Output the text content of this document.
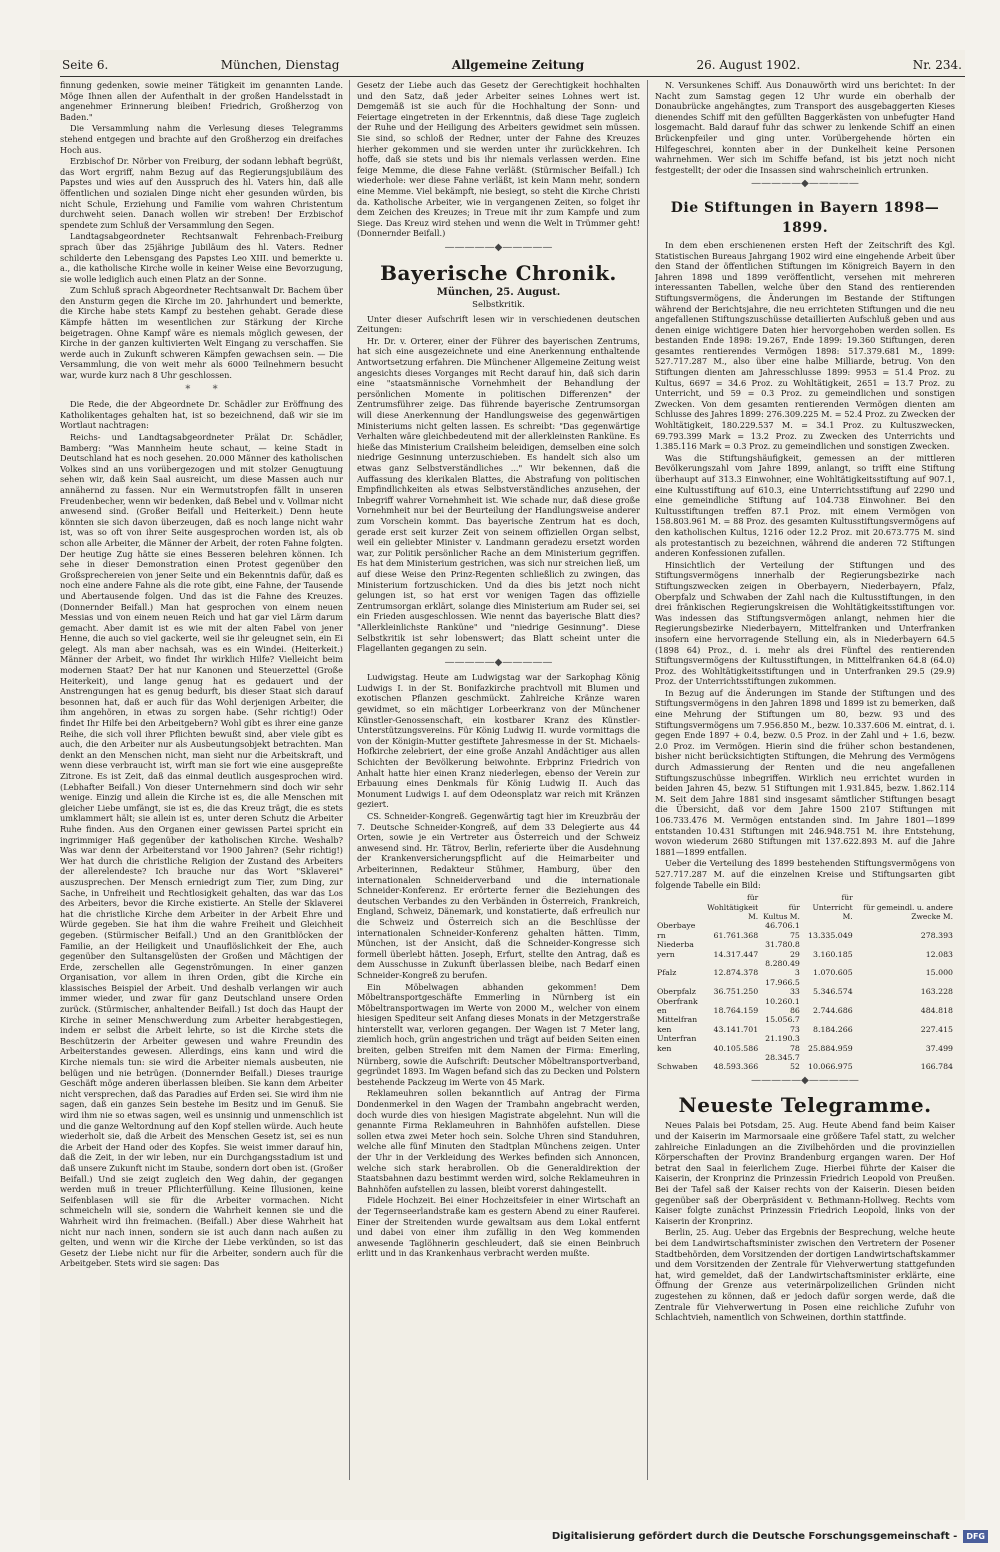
Seite 6.	München, Dienstag	Allgemeine Zeitung	26. August 1902.	Nr. 234.

finnung gedenken, sowie meiner Tätigkeit im genannten Lande. Möge Ihnen allen der Aufenthalt in der großen Handelsstadt in angenehmer Erinnerung bleiben! Friedrich, Großherzog von Baden."

Die Versammlung nahm die Verlesung dieses Telegramms stehend entgegen und brachte auf den Großherzog ein dreifaches Hoch aus.

Erzbischof Dr. Nörber von Freiburg, der sodann lebhaft begrüßt, das Wort ergriff, nahm Bezug auf das Regierungsjubiläum des Papstes und wies auf den Ausspruch des hl. Vaters hin, daß alle öffentlichen und sozialen Dinge nicht eher gesunden würden, bis nicht Schule, Erziehung und Familie vom wahren Christentum durchweht seien. Danach wollen wir streben! Der Erzbischof spendete zum Schluß der Versammlung den Segen.

Landtagsabgeordneter Rechtsanwalt Fehrenbach-Freiburg sprach über das 25jährige Jubiläum des hl. Vaters. Redner schilderte den Lebensgang des Papstes Leo XIII. und bemerkte u. a., die katholische Kirche wolle in keiner Weise eine Bevorzugung, sie wolle lediglich auch einen Platz an der Sonne.

Zum Schluß sprach Abgeordneter Rechtsanwalt Dr. Bachem über den Ansturm gegen die Kirche im 20. Jahrhundert und bemerkte, die Kirche habe stets Kampf zu bestehen gehabt. Gerade diese Kämpfe hätten im wesentlichen zur Stärkung der Kirche beigetragen. Ohne Kampf wäre es niemals möglich gewesen, der Kirche in der ganzen kultivierten Welt Eingang zu verschaffen. Sie werde auch in Zukunft schweren Kämpfen gewachsen sein. — Die Versammlung, die von weit mehr als 6000 Teilnehmern besucht war, wurde kurz nach 8 Uhr geschlossen.

*       *

Die Rede, die der Abgeordnete Dr. Schädler zur Eröffnung des Katholikentages gehalten hat, ist so bezeichnend, daß wir sie im Wortlaut nachtragen:

Reichs- und Landtagsabgeordneter Prälat Dr. Schädler, Bamberg: "Was Mannheim heute schaut, — keine Stadt in Deutschland hat es noch gesehen. 20.000 Männer des katholischen Volkes sind an uns vorübergezogen und mit stolzer Genugtuung sehen wir, daß kein Saal ausreicht, um diese Massen auch nur annähernd zu fassen. Nur ein Wermutstropfen fällt in unseren Freudenbecher, wenn wir bedenken, daß Bebel und v. Vollmar nicht anwesend sind. (Großer Beifall und Heiterkeit.) Denn heute könnten sie sich davon überzeugen, daß es noch lange nicht wahr ist, was so oft von ihrer Seite ausgesprochen worden ist, als ob schon alle Arbeiter, die Männer der Arbeit, der roten Fahne folgten. Der heutige Zug hätte sie eines Besseren belehren können. Ich sehe in dieser Demonstration einen Protest gegenüber den Großsprechereien von jener Seite und ein Bekenntnis dafür, daß es noch eine andere Fahne als die rote gibt, eine Fahne, der Tausende und Abertausende folgen. Und das ist die Fahne des Kreuzes. (Donnernder Beifall.) Man hat gesprochen von einem neuen Messias und von einem neuen Reich und hat gar viel Lärm darum gemacht. Aber damit ist es wie mit der alten Fabel von jener Henne, die auch so viel gackerte, weil sie ihr geleugnet sein, ein Ei gelegt. Als man aber nachsah, was es ein Windei. (Heiterkeit.) Männer der Arbeit, wo findet Ihr wirklich Hilfe? Vielleicht beim modernen Staat? Der hat nur Kanonen und Steuerzettel (Große Heiterkeit), und lange genug hat es gedauert und der Anstrengungen hat es genug bedurft, bis dieser Staat sich darauf besonnen hat, daß er auch für das Wohl derjenigen Arbeiter, die ihm angehören, in etwas zu sorgen habe. (Sehr richtig!) Oder findet Ihr Hilfe bei den Arbeitgebern? Wohl gibt es ihrer eine ganze Reihe, die sich voll ihrer Pflichten bewußt sind, aber viele gibt es auch, die den Arbeiter nur als Ausbeutungsobjekt betrachten. Man denkt an den Menschen nicht, man sieht nur die Arbeitskraft, und wenn diese verbraucht ist, wirft man sie fort wie eine ausgepreßte Zitrone. Es ist Zeit, daß das einmal deutlich ausgesprochen wird. (Lebhafter Beifall.) Von dieser Unternehmern sind doch wir sehr wenige. Einzig und allein die Kirche ist es, die alle Menschen mit gleicher Liebe umfängt, sie ist es, die das Kreuz trägt, die es stets umklammert hält; sie allein ist es, unter deren Schutz die Arbeiter Ruhe finden. Aus den Organen einer gewissen Partei spricht ein ingrimmiger Haß gegenüber der katholischen Kirche. Weshalb? Was war denn der Arbeiterstand vor 1900 Jahren? (Sehr richtig!) Wer hat durch die christliche Religion der Zustand des Arbeiters der allerelendeste? Ich brauche nur das Wort "Sklaverei" auszusprechen. Der Mensch erniedrigt zum Tier, zum Ding, zur Sache, in Unfreiheit und Rechtlosigkeit gehalten, das war das Los des Arbeiters, bevor die Kirche existierte. An Stelle der Sklaverei hat die christliche Kirche dem Arbeiter in der Arbeit Ehre und Würde gegeben. Sie hat ihm die wahre Freiheit und Gleichheit gegeben. (Stürmischer Beifall.) Und an den Granitblöcken der Familie, an der Heiligkeit und Unauflöslichkeit der Ehe, auch gegenüber den Sultansgelüsten der Großen und Mächtigen der Erde, zerschellen alle Gegenströmungen. In einer ganzen Organisation, vor allem in ihren Orden, gibt die Kirche ein klassisches Beispiel der Arbeit. Und deshalb verlangen wir auch immer wieder, und zwar für ganz Deutschland unsere Orden zurück. (Stürmischer, anhaltender Beifall.) Ist doch das Haupt der Kirche in seiner Menschwerdung zum Arbeiter herabgestiegen, indem er selbst die Arbeit lehrte, so ist die Kirche stets die Beschützerin der Arbeiter gewesen und wahre Freundin des Arbeiterstandes gewesen. Allerdings, eins kann und wird die Kirche niemals tun: sie wird die Arbeiter niemals ausbeuten, nie belügen und nie betrügen. (Donnernder Beifall.) Dieses traurige Geschäft möge anderen überlassen bleiben. Sie kann dem Arbeiter nicht versprechen, daß das Paradies auf Erden sei. Sie wird ihm nie sagen, daß ein ganzes Sein bestehe im Besitz und im Genuß. Sie wird ihm nie so etwas sagen, weil es unsinnig und unmenschlich ist und die ganze Weltordnung auf den Kopf stellen würde. Auch heute wiederholt sie, daß die Arbeit des Menschen Gesetz ist, sei es nun die Arbeit der Hand oder des Kopfes. Sie weist immer darauf hin, daß die Zeit, in der wir leben, nur ein Durchgangsstadium ist und daß unsere Zukunft nicht im Staube, sondern dort oben ist. (Großer Beifall.) Und sie zeigt zugleich den Weg dahin, der gegangen werden muß in treuer Pflichterfüllung. Keine Illusionen, keine Seifenblasen will sie für die Arbeiter vormachen. Nicht schmeicheln will sie, sondern die Wahrheit kennen sie und die Wahrheit wird ihn freimachen. (Beifall.) Aber diese Wahrheit hat nicht nur nach innen, sondern sie ist auch dann nach außen zu gelten, und wenn wir die Kirche der Liebe verkünden, so ist das Gesetz der Liebe nicht nur für die Arbeiter, sondern auch für die Arbeitgeber. Stets wird sie sagen: Das

Gesetz der Liebe auch das Gesetz der Gerechtigkeit hochhalten und den Satz, daß jeder Arbeiter seines Lohnes wert ist. Demgemäß ist sie auch für die Hochhaltung der Sonn- und Feiertage eingetreten in der Erkenntnis, daß diese Tage zugleich der Ruhe und der Heiligung des Arbeiters gewidmet sein müssen. Sie sind, so schloß der Redner, unter der Fahne des Kreuzes hierher gekommen und sie werden unter ihr zurückkehren. Ich hoffe, daß sie stets und bis ihr niemals verlassen werden. Eine feige Memme, die diese Fahne verläßt. (Stürmischer Beifall.) Ich wiederhole: wer diese Fahne verläßt, ist kein Mann mehr, sondern eine Memme. Viel bekämpft, nie besiegt, so steht die Kirche Christi da. Katholische Arbeiter, wie in vergangenen Zeiten, so folget ihr dem Zeichen des Kreuzes; in Treue mit ihr zum Kampfe und zum Siege. Das Kreuz wird stehen und wenn die Welt in Trümmer geht! (Donnernder Beifall.)

—————◆—————
Bayerische Chronik.
München, 25. August.
Selbstkritik.

Unter dieser Aufschrift lesen wir in verschiedenen deutschen Zeitungen:

Hr. Dr. v. Orterer, einer der Führer des bayerischen Zentrums, hat sich eine ausgezeichnete und eine Anerkennung enthaltende Antwortsetzung erfahren. Die Münchener Allgemeine Zeitung weist angesichts dieses Vorganges mit Recht darauf hin, daß sich darin eine "staatsmännische Vornehmheit der Behandlung der persönlichen Momente in politischen Differenzen" der Zentrumsführer zeige. Das führende bayerische Zentrumsorgan will diese Anerkennung der Handlungsweise des gegenwärtigen Ministeriums nicht gelten lassen. Es schreibt: "Das gegenwärtige Verhalten wäre gleichbedeutend mit der allerkleinsten Ranküne. Es hieße das Ministerium Crailsheim beleidigen, demselben eine solch niedrige Gesinnung unterzuschieben. Es handelt sich also um etwas ganz Selbstverständliches ..." Wir bekennen, daß die Auffassung des klerikalen Blattes, die Abstrafung von politischen Empfindlichkeiten als etwas Selbstverständliches anzusehen, der Inbegriff wahrer Vornehmheit ist. Wie schade nur, daß diese große Vornehmheit nur bei der Beurteilung der Handlungsweise anderer zum Vorschein kommt. Das bayerische Zentrum hat es doch, gerade erst seit kurzer Zeit von seinem offiziellen Organ selbst, weil ein geliebter Minister v. Landmann geradezu ersetzt worden war, zur Politik persönlicher Rache an dem Ministerium gegriffen. Es hat dem Ministerium gestrichen, was sich nur streichen ließ, um auf diese Weise den Prinz-Regenten schließlich zu zwingen, das Ministerium fortzuschicken. Und da dies bis jetzt noch nicht gelungen ist, so hat erst vor wenigen Tagen das offizielle Zentrumsorgan erklärt, solange dies Ministerium am Ruder sei, sei ein Frieden ausgeschlossen. Wie nennt das bayerische Blatt dies? "Allerkleinlichste Ranküne" und "niedrige Gesinnung". Diese Selbstkritik ist sehr lobenswert; das Blatt scheint unter die Flagellanten gegangen zu sein.

—————◆—————

Ludwigstag. Heute am Ludwigstag war der Sarkophag König Ludwigs I. in der St. Bonifazkirche prachtvoll mit Blumen und exotischen Pflanzen geschmückt. Zahlreiche Kränze waren gewidmet, so ein mächtiger Lorbeerkranz von der Münchener Künstler-Genossenschaft, ein kostbarer Kranz des Künstler-Unterstützungsvereins. Für König Ludwig II. wurde vormittags die von der Königin-Mutter gestiftete Jahresmesse in der St. Michaels-Hofkirche zelebriert, der eine große Anzahl Andächtiger aus allen Schichten der Bevölkerung beiwohnte. Erbprinz Friedrich von Anhalt hatte hier einen Kranz niederlegen, ebenso der Verein zur Erbauung eines Denkmals für König Ludwig II. Auch das Monument Ludwigs I. auf dem Odeonsplatz war reich mit Kränzen geziert.

CS. Schneider-Kongreß. Gegenwärtig tagt hier im Kreuzbräu der 7. Deutsche Schneider-Kongreß, auf dem 33 Delegierte aus 44 Orten, sowie je ein Vertreter aus Österreich und der Schweiz anwesend sind. Hr. Tätrov, Berlin, referierte über die Ausdehnung der Krankenversicherungspflicht auf die Heimarbeiter und Arbeiterinnen, Redakteur Stühmer, Hamburg, über den internationalen Schneiderverband und die internationale Schneider-Konferenz. Er erörterte ferner die Beziehungen des deutschen Verbandes zu den Verbänden in Österreich, Frankreich, England, Schweiz, Dänemark, und konstatierte, daß erfreulich nur die Schweiz und Österreich sich an die Beschlüsse der internationalen Schneider-Konferenz gehalten hätten. Timm, München, ist der Ansicht, daß die Schneider-Kongresse sich formell überlebt hätten. Joseph, Erfurt, stellte den Antrag, daß es dem Ausschusse in Zukunft überlassen bleibe, nach Bedarf einen Schneider-Kongreß zu berufen.

Ein Möbelwagen abhanden gekommen! Dem Möbeltransportgeschäfte Emmerling in Nürnberg ist ein Möbeltransportwagen im Werte von 2000 M., welcher von einem hiesigen Spediteur seit Anfang dieses Monats in der Metzgerstraße hinterstellt war, verloren gegangen. Der Wagen ist 7 Meter lang, ziemlich hoch, grün angestrichen und trägt auf beiden Seiten einen breiten, gelben Streifen mit dem Namen der Firma: Emerling, Nürnberg, sowie die Aufschrift: Deutscher Möbeltransportverband, gegründet 1893. Im Wagen befand sich das zu Decken und Polstern bestehende Packzeug im Werte von 45 Mark.

Reklameuhren sollen bekanntlich auf Antrag der Firma Dondenmerkel in den Wagen der Trambahn angebracht werden, doch wurde dies von hiesigen Magistrate abgelehnt. Nun will die genannte Firma Reklameuhren in Bahnhöfen aufstellen. Diese sollen etwa zwei Meter hoch sein. Solche Uhren sind Standuhren, welche alle fünf Minuten den Stadtplan Münchens zeigen. Unter der Uhr in der Verkleidung des Werkes befinden sich Annoncen, welche sich stark herabrollen. Ob die Generaldirektion der Staatsbahnen dazu bestimmt werden wird, solche Reklameuhren in Bahnhöfen aufstellen zu lassen, bleibt vorerst dahingestellt.

Fidele Hochzeit. Bei einer Hochzeitsfeier in einer Wirtschaft an der Tegernseerlandstraße kam es gestern Abend zu einer Rauferei. Einer der Streitenden wurde gewaltsam aus dem Lokal entfernt und dabei von einer ihm zufällig in den Weg kommenden anwesende Taglöhnerin geschleudert, daß sie einen Beinbruch erlitt und in das Krankenhaus verbracht werden mußte.

N. Versunkenes Schiff. Aus Donauwörth wird uns berichtet: In der Nacht zum Samstag gegen 12 Uhr wurde ein oberhalb der Donaubrücke angehängtes, zum Transport des ausgebaggerten Kieses dienendes Schiff mit den gefüllten Baggerkästen von unbefugter Hand losgemacht. Bald darauf fuhr das schwer zu lenkende Schiff an einen Brückenpfeiler und ging unter. Vorübergehende hörten ein Hilfegeschrei, konnten aber in der Dunkelheit keine Personen wahrnehmen. Wer sich im Schiffe befand, ist bis jetzt noch nicht festgestellt; der oder die Insassen sind wahrscheinlich ertrunken.

—————◆—————
Die Stiftungen in Bayern 1898—1899.

In dem eben erschienenen ersten Heft der Zeitschrift des Kgl. Statistischen Bureaus Jahrgang 1902 wird eine eingehende Arbeit über den Stand der öffentlichen Stiftungen im Königreich Bayern in den Jahren 1898 und 1899 veröffentlicht, versehen mit mehreren interessanten Tabellen, welche über den Stand des rentierenden Stiftungsvermögens, die Änderungen im Bestande der Stiftungen während der Berichtsjahre, die neu errichteten Stiftungen und die neu angefallenen Stiftungszuschüsse detaillierten Aufschluß geben und aus denen einige wichtigere Daten hier hervorgehoben werden sollen. Es bestanden Ende 1898: 19.267, Ende 1899: 19.360 Stiftungen, deren gesamtes rentierendes Vermögen 1898: 517.379.681 M., 1899: 527.717.287 M., also über eine halbe Milliarde, betrug. Von den Stiftungen dienten am Jahresschlusse 1899: 9953 = 51.4 Proz. zu Kultus, 6697 = 34.6 Proz. zu Wohltätigkeit, 2651 = 13.7 Proz. zu Unterricht, und 59 = 0.3 Proz. zu gemeindlichen und sonstigen Zwecken. Von dem gesamten rentierenden Vermögen dienten am Schlusse des Jahres 1899: 276.309.225 M. = 52.4 Proz. zu Zwecken der Wohltätigkeit, 180.229.537 M. = 34.1 Proz. zu Kultuszwecken, 69.793.399 Mark = 13.2 Proz. zu Zwecken des Unterrichts und 1.385.116 Mark = 0.3 Proz. zu gemeindlichen und sonstigen Zwecken.

Was die Stiftungshäufigkeit, gemessen an der mittleren Bevölkerungszahl vom Jahre 1899, anlangt, so trifft eine Stiftung überhaupt auf 313.3 Einwohner, eine Wohltätigkeitsstiftung auf 907.1, eine Kultusstiftung auf 610.3, eine Unterrichtsstiftung auf 2290 und eine gemeindliche Stiftung auf 104.738 Einwohner. Bei den Kultusstiftungen treffen 87.1 Proz. mit einem Vermögen von 158.803.961 M. = 88 Proz. des gesamten Kultusstiftungsvermögens auf den katholischen Kultus, 1216 oder 12.2 Proz. mit 20.673.775 M. sind als protestantisch zu bezeichnen, während die anderen 72 Stiftungen anderen Konfessionen zufallen.

Hinsichtlich der Verteilung der Stiftungen und des Stiftungsvermögens innerhalb der Regierungsbezirke nach Stiftungszwecken zeigen in Oberbayern, Niederbayern, Pfalz, Oberpfalz und Schwaben der Zahl nach die Kultusstiftungen, in den drei fränkischen Regierungskreisen die Wohltätigkeitsstiftungen vor. Was indessen das Stiftungsvermögen anlangt, nehmen hier die Regierungsbezirke Niederbayern, Mittelfranken und Unterfranken insofern eine hervorragende Stellung ein, als in Niederbayern 64.5 (1898 64) Proz., d. i. mehr als drei Fünftel des rentierenden Stiftungsvermögens der Kultusstiftungen, in Mittelfranken 64.8 (64.0) Proz. des Wohltätigkeitsstiftungen und in Unterfranken 29.5 (29.9) Proz. der Unterrichtsstiftungen zukommen.

In Bezug auf die Änderungen im Stande der Stiftungen und des Stiftungsvermögens in den Jahren 1898 und 1899 ist zu bemerken, daß eine Mehrung der Stiftungen um 80, bezw. 93 und des Stiftungsvermögens um 7.956.850 M., bezw. 10.337.606 M. eintrat, d. i. gegen Ende 1897 + 0.4, bezw. 0.5 Proz. in der Zahl und + 1.6, bezw. 2.0 Proz. im Vermögen. Hierin sind die früher schon bestandenen, bisher nicht berücksichtigten Stiftungen, die Mehrung des Vermögens durch Admassierung der Renten und die neu angefallenen Stiftungszuschüsse inbegriffen. Wirklich neu errichtet wurden in beiden Jahren 45, bezw. 51 Stiftungen mit 1.931.845, bezw. 1.862.114 M. Seit dem Jahre 1881 sind insgesamt sämtlicher Stiftungen besagt die Übersicht, daß vor dem Jahre 1500 2107 Stiftungen mit 106.733.476 M. Vermögen entstanden sind. Im Jahre 1801—1899 entstanden 10.431 Stiftungen mit 246.948.751 M. ihre Entstehung, wovon wiederum 2680 Stiftungen mit 137.622.893 M. auf die Jahre 1881—1899 entfallen.

Ueber die Verteilung des 1899 bestehenden Stiftungsvermögens von 527.717.287 M. auf die einzelnen Kreise und Stiftungsarten gibt folgende Tabelle ein Bild:

	für Wohltätigkeit M.	für Kultus M.	für Unterricht M.	für gemeindl. u. andere Zwecke M.
Oberbayern	61.761.368	46.706.175	13.335.049	278.393
Niederbayern	14.317.447	31.780.829	3.160.185	12.083
Pfalz	12.874.378	8.280.493	1.070.605	15.000
Oberpfalz	36.751.250	17.966.533	5.346.574	163.228
Oberfranken	18.764.159	10.260.186	2.744.686	484.818
Mittelfranken	43.141.701	15.056.773	8.184.266	227.415
Unterfranken	40.105.586	21.190.378	25.884.959	37.499
Schwaben	48.593.366	28.345.752	10.066.975	166.784
—————◆—————
Neueste Telegramme.

Neues Palais bei Potsdam, 25. Aug. Heute Abend fand beim Kaiser und der Kaiserin im Marmorsaale eine größere Tafel statt, zu welcher zahlreiche Einladungen an die Zivilbehörden und die provinziellen Körperschaften der Provinz Brandenburg ergangen waren. Der Hof betrat den Saal in feierlichem Zuge. Hierbei führte der Kaiser die Kaiserin, der Kronprinz die Prinzessin Friedrich Leopold von Preußen. Bei der Tafel saß der Kaiser rechts von der Kaiserin. Diesen beiden gegenüber saß der Oberpräsident v. Bethmann-Hollweg. Rechts vom Kaiser folgte zunächst Prinzessin Friedrich Leopold, links von der Kaiserin der Kronprinz.

Berlin, 25. Aug. Ueber das Ergebnis der Besprechung, welche heute bei dem Landwirtschaftsminister zwischen den Vertretern der Posener Stadtbehörden, dem Vorsitzenden der dortigen Landwirtschaftskammer und dem Vorsitzenden der Zentrale für Viehverwertung stattgefunden hat, wird gemeldet, daß der Landwirtschaftsminister erklärte, eine Öffnung der Grenze aus veterinärpolizeilichen Gründen nicht zugestehen zu können, daß er jedoch dafür sorgen werde, daß die Zentrale für Viehverwertung in Posen eine reichliche Zufuhr von Schlachtvieh, namentlich von Schweinen, dorthin stattfinde.

Digitalisierung gefördert durch die Deutsche Forschungsgemeinschaft -	DFG
